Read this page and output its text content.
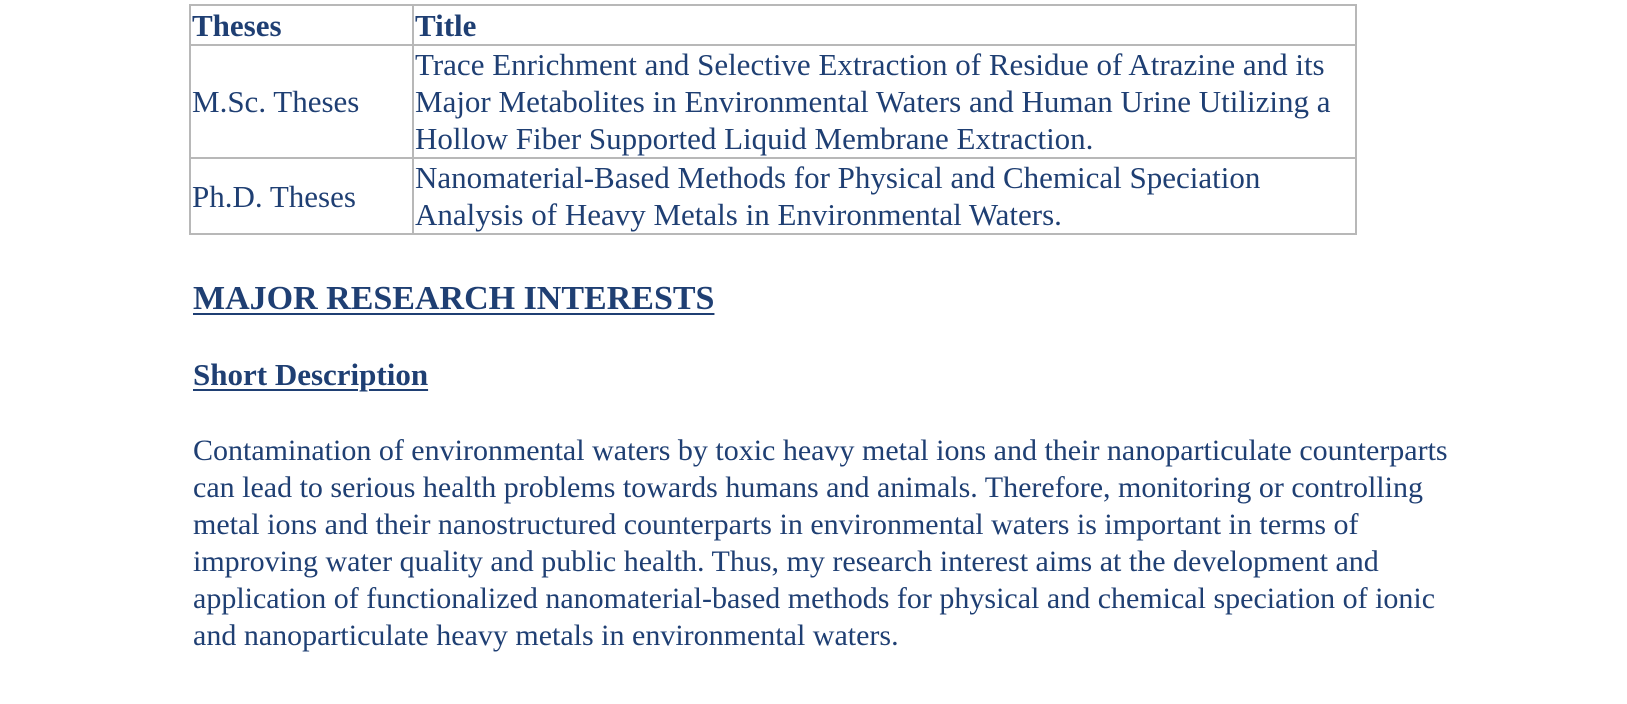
Theses	Title
M.Sc. Theses	Trace Enrichment and Selective Extraction of Residue of Atrazine and its Major Metabolites in Environmental Waters and Human Urine Utilizing a Hollow Fiber Supported Liquid Membrane Extraction.
Ph.D. Theses	Nanomaterial-Based Methods for Physical and Chemical Speciation Analysis of Heavy Metals in Environmental Waters.
MAJOR RESEARCH INTERESTS
Short Description

Contamination of environmental waters by toxic heavy metal ions and their nanoparticulate counterparts can lead to serious health problems towards humans and animals. Therefore, monitoring or controlling metal ions and their nanostructured counterparts in environmental waters is important in terms of improving water quality and public health. Thus, my research interest aims at the development and application of functionalized nanomaterial-based methods for physical and chemical speciation of ionic and nanoparticulate heavy metals in environmental waters.
